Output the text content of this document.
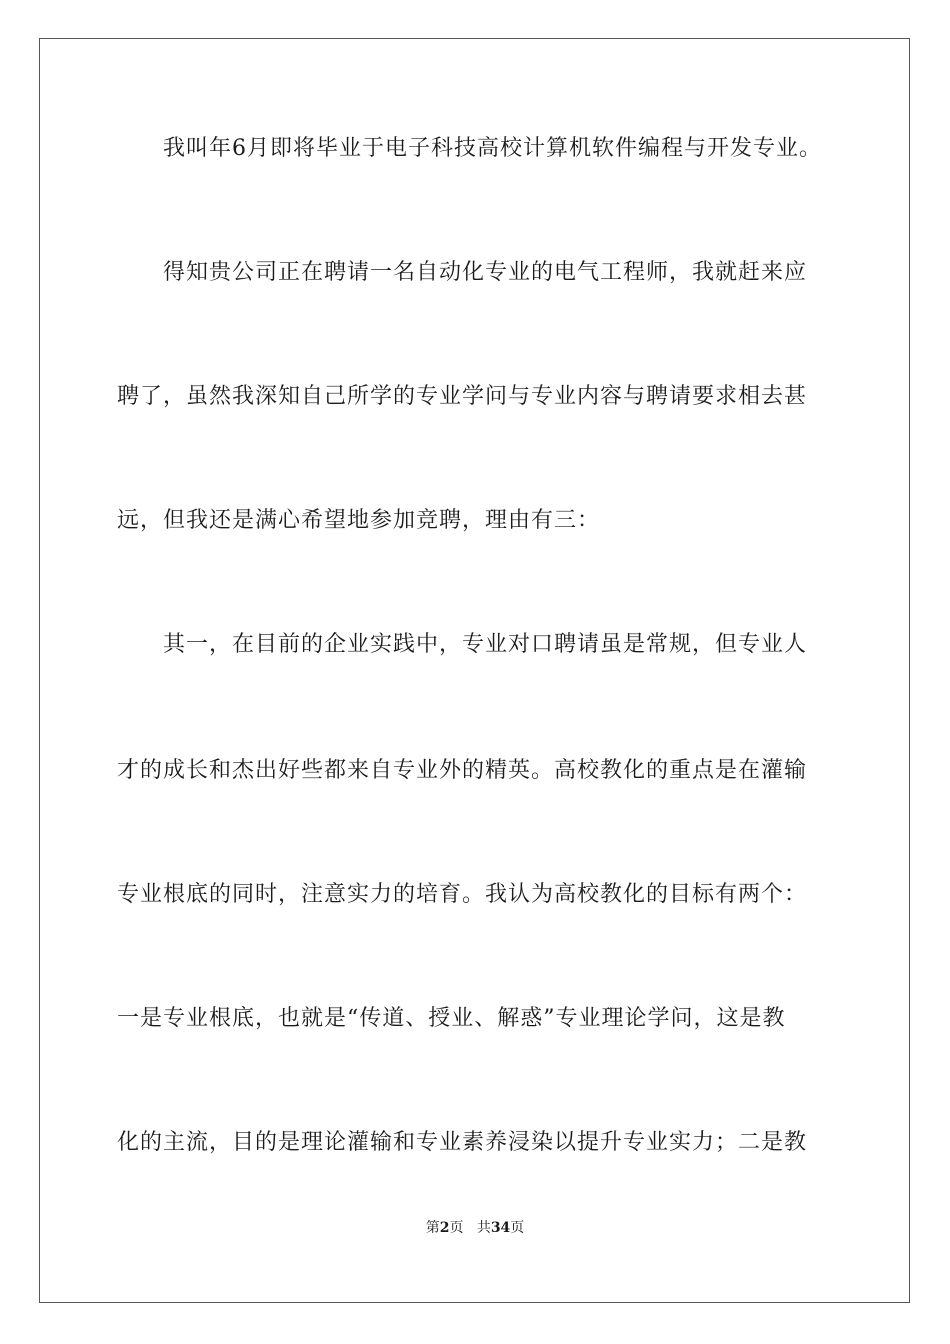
我叫年6月即将毕业于电子科技高校计算机软件编程与开发专业。
得知贵公司正在聘请一名自动化专业的电气工程师，我就赶来应
聘了，虽然我深知自己所学的专业学问与专业内容与聘请要求相去甚
远，但我还是满心希望地参加竞聘，理由有三：
其一，在目前的企业实践中，专业对口聘请虽是常规，但专业人
才的成长和杰出好些都来自专业外的精英。高校教化的重点是在灌输
专业根底的同时，注意实力的培育。我认为高校教化的目标有两个：
一是专业根底，也就是“传道、授业、解惑”专业理论学问，这是教
化的主流，目的是理论灌输和专业素养浸染以提升专业实力；二是教
第2页 共34页
